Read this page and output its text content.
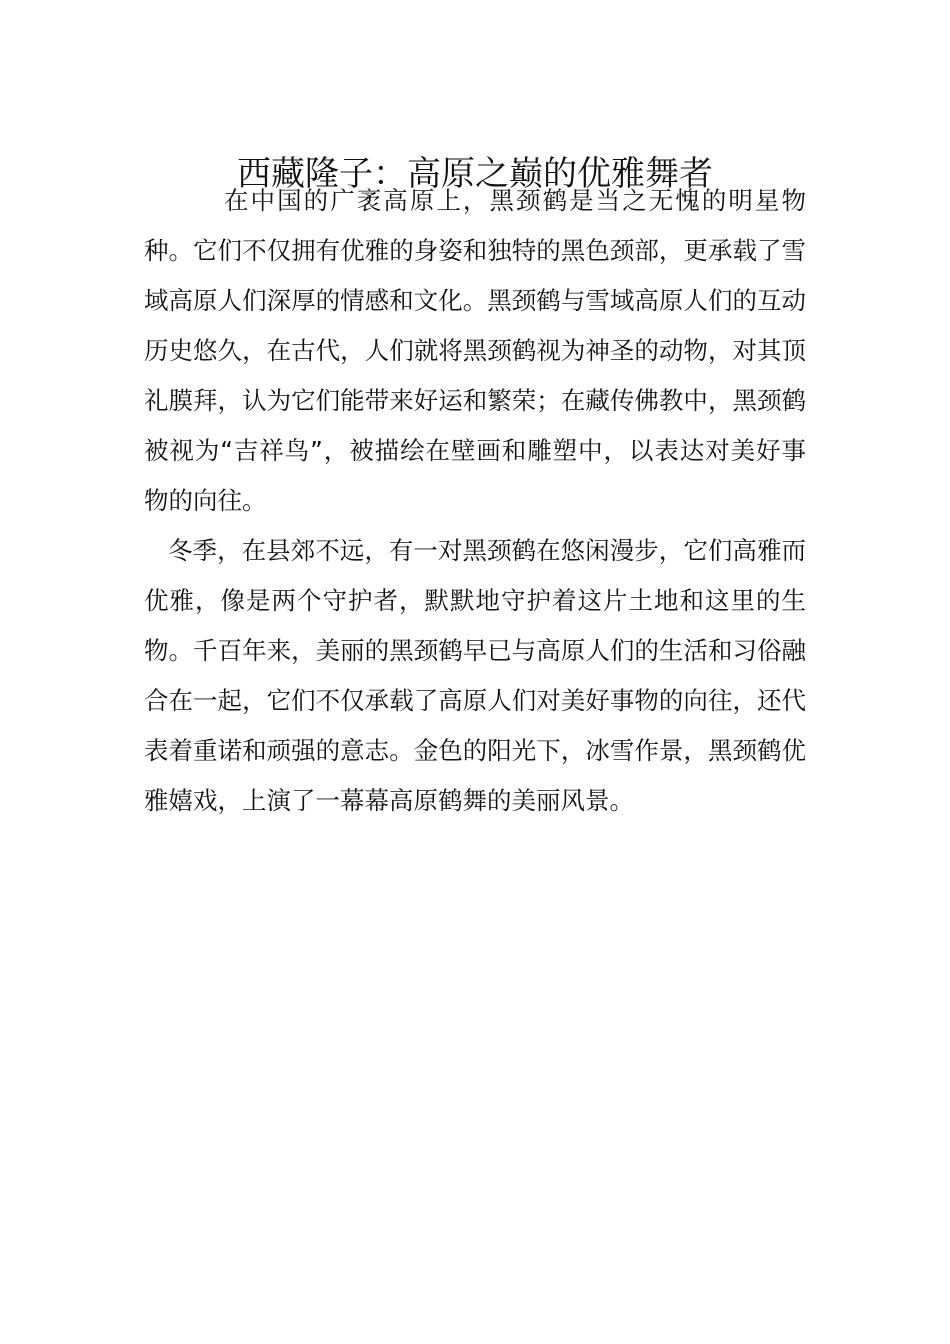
西藏隆子：高原之巅的优雅舞者

在中国的广袤高原上，黑颈鹤是当之无愧的明星物种。它们不仅拥有优雅的身姿和独特的黑色颈部，更承载了雪域高原人们深厚的情感和文化。黑颈鹤与雪域高原人们的互动历史悠久，在古代，人们就将黑颈鹤视为神圣的动物，对其顶礼膜拜，认为它们能带来好运和繁荣；在藏传佛教中，黑颈鹤被视为“吉祥鸟”，被描绘在壁画和雕塑中，以表达对美好事物的向往。

冬季，在县郊不远，有一对黑颈鹤在悠闲漫步，它们高雅而优雅，像是两个守护者，默默地守护着这片土地和这里的生物。千百年来，美丽的黑颈鹤早已与高原人们的生活和习俗融合在一起，它们不仅承载了高原人们对美好事物的向往，还代表着重诺和顽强的意志。金色的阳光下，冰雪作景，黑颈鹤优雅嬉戏，上演了一幕幕高原鹤舞的美丽风景。
